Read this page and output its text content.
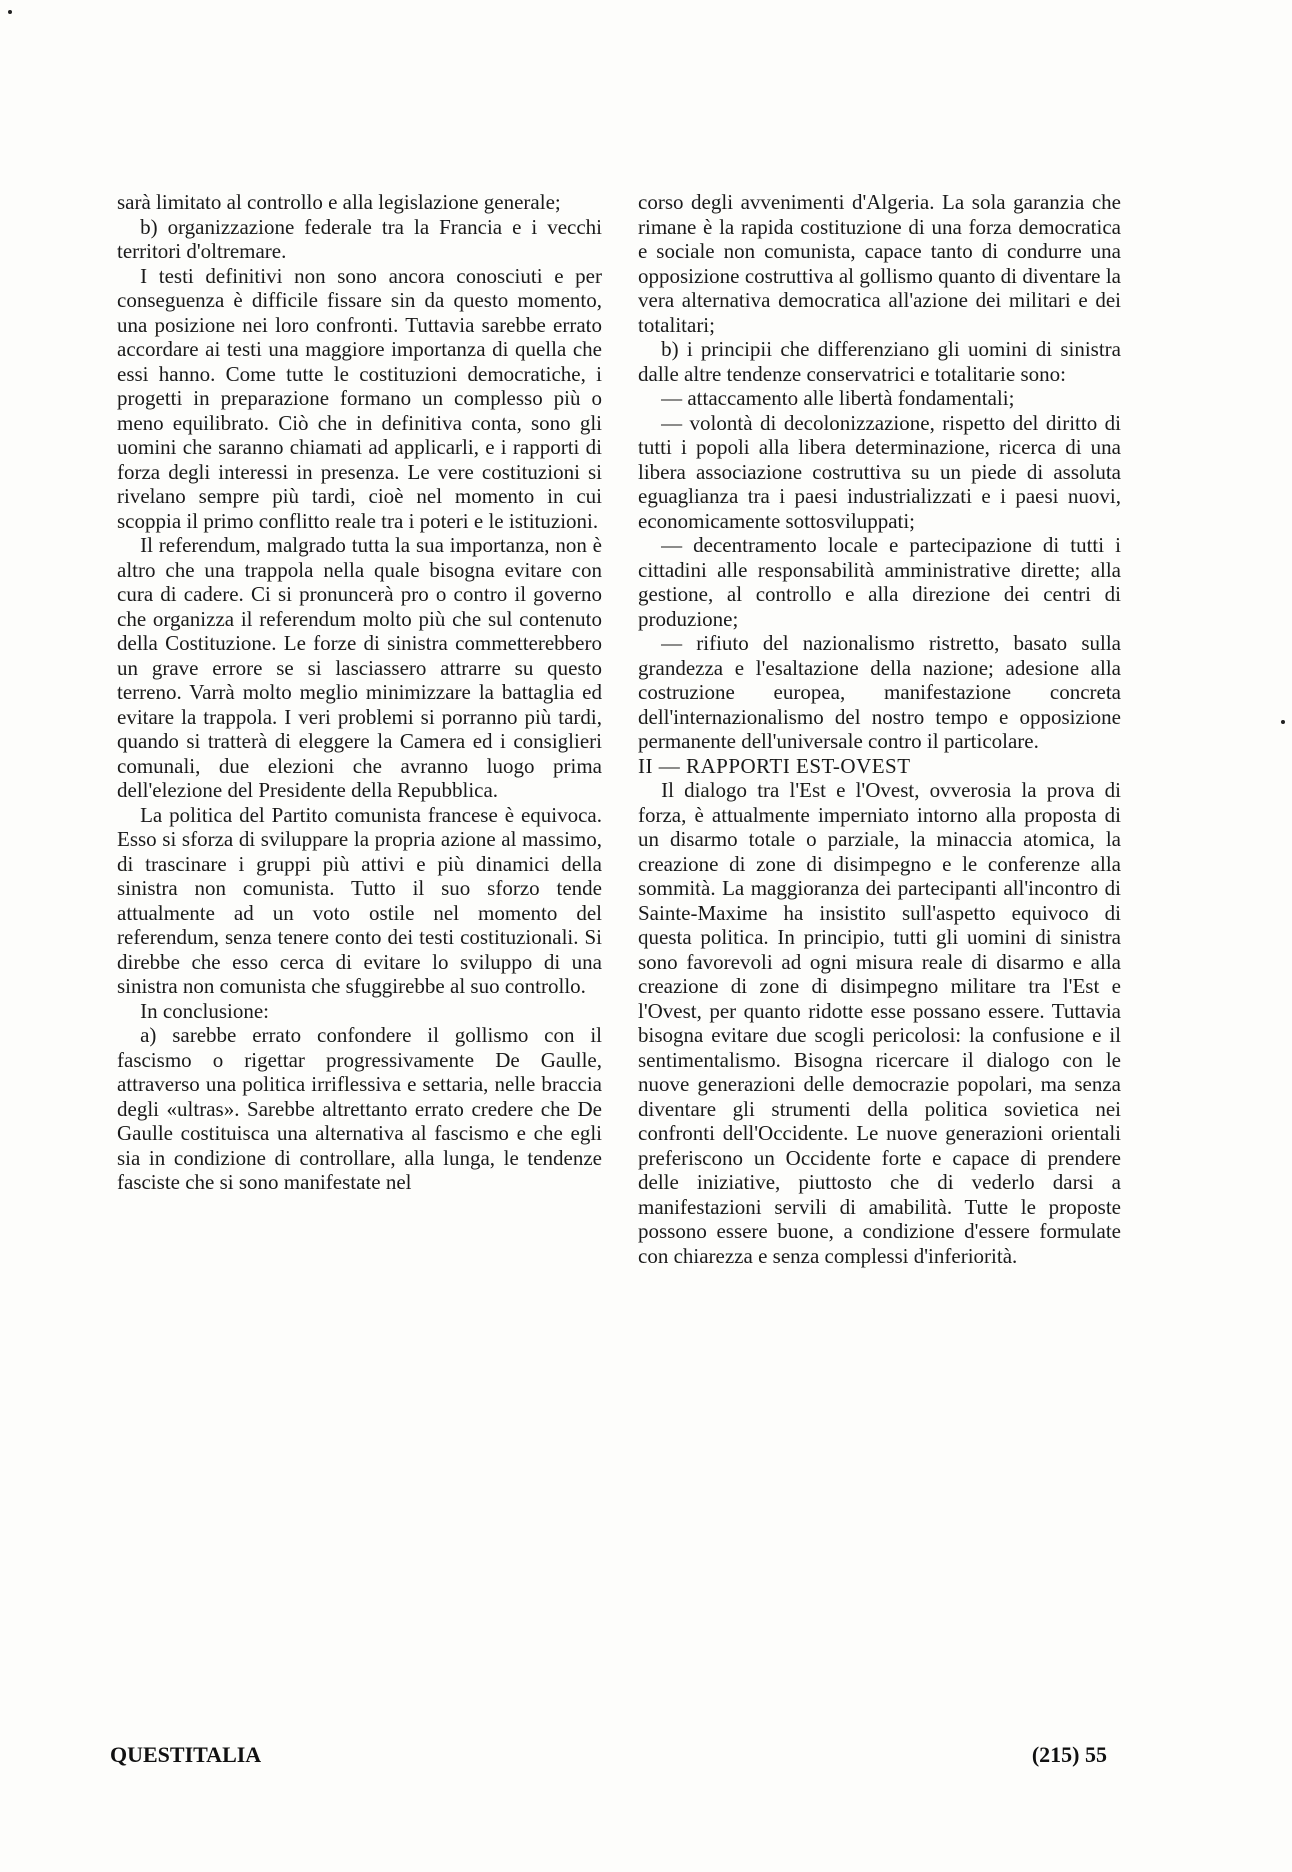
sarà limitato al controllo e alla legislazione generale;

b) organizzazione federale tra la Francia e i vecchi territori d'oltremare.

I testi definitivi non sono ancora conosciuti e per conseguenza è difficile fissare sin da questo momento, una posizione nei loro confronti. Tuttavia sarebbe errato accordare ai testi una maggiore importanza di quella che essi hanno. Come tutte le costituzioni democratiche, i progetti in preparazione formano un complesso più o meno equilibrato. Ciò che in definitiva conta, sono gli uomini che saranno chiamati ad applicarli, e i rapporti di forza degli interessi in presenza. Le vere costituzioni si rivelano sempre più tardi, cioè nel momento in cui scoppia il primo conflitto reale tra i poteri e le istituzioni.

Il referendum, malgrado tutta la sua importanza, non è altro che una trappola nella quale bisogna evitare con cura di cadere. Ci si pronuncerà pro o contro il governo che organizza il referendum molto più che sul contenuto della Costituzione. Le forze di sinistra commetterebbero un grave errore se si lasciassero attrarre su questo terreno. Varrà molto meglio minimizzare la battaglia ed evitare la trappola. I veri problemi si porranno più tardi, quando si tratterà di eleggere la Camera ed i consiglieri comunali, due elezioni che avranno luogo prima dell'elezione del Presidente della Repubblica.

La politica del Partito comunista francese è equivoca. Esso si sforza di sviluppare la propria azione al massimo, di trascinare i gruppi più attivi e più dinamici della sinistra non comunista. Tutto il suo sforzo tende attualmente ad un voto ostile nel momento del referendum, senza tenere conto dei testi costituzionali. Si direbbe che esso cerca di evitare lo sviluppo di una sinistra non comunista che sfuggirebbe al suo controllo.

In conclusione:

a) sarebbe errato confondere il gollismo con il fascismo o rigettar progressivamente De Gaulle, attraverso una politica irriflessiva e settaria, nelle braccia degli «ultras». Sarebbe altrettanto errato credere che De Gaulle costituisca una alternativa al fascismo e che egli sia in condizione di controllare, alla lunga, le tendenze fasciste che si sono manifestate nel

corso degli avvenimenti d'Algeria. La sola garanzia che rimane è la rapida costituzione di una forza democratica e sociale non comunista, capace tanto di condurre una opposizione costruttiva al gollismo quanto di diventare la vera alternativa democratica all'azione dei militari e dei totalitari;

b) i principii che differenziano gli uomini di sinistra dalle altre tendenze conservatrici e totalitarie sono:

— attaccamento alle libertà fondamentali;

— volontà di decolonizzazione, rispetto del diritto di tutti i popoli alla libera determinazione, ricerca di una libera associazione costruttiva su un piede di assoluta eguaglianza tra i paesi industrializzati e i paesi nuovi, economicamente sottosviluppati;

— decentramento locale e partecipazione di tutti i cittadini alle responsabilità amministrative dirette; alla gestione, al controllo e alla direzione dei centri di produzione;

— rifiuto del nazionalismo ristretto, basato sulla grandezza e l'esaltazione della nazione; adesione alla costruzione europea, manifestazione concreta dell'internazionalismo del nostro tempo e opposizione permanente dell'universale contro il particolare.

II — RAPPORTI EST-OVEST

Il dialogo tra l'Est e l'Ovest, ovverosia la prova di forza, è attualmente imperniato intorno alla proposta di un disarmo totale o parziale, la minaccia atomica, la creazione di zone di disimpegno e le conferenze alla sommità. La maggioranza dei partecipanti all'incontro di Sainte-Maxime ha insistito sull'aspetto equivoco di questa politica. In principio, tutti gli uomini di sinistra sono favorevoli ad ogni misura reale di disarmo e alla creazione di zone di disimpegno militare tra l'Est e l'Ovest, per quanto ridotte esse possano essere. Tuttavia bisogna evitare due scogli pericolosi: la confusione e il sentimentalismo. Bisogna ricercare il dialogo con le nuove generazioni delle democrazie popolari, ma senza diventare gli strumenti della politica sovietica nei confronti dell'Occidente. Le nuove generazioni orientali preferiscono un Occidente forte e capace di prendere delle iniziative, piuttosto che di vederlo darsi a manifestazioni servili di amabilità. Tutte le proposte possono essere buone, a condizione d'essere formulate con chiarezza e senza complessi d'inferiorità.

QUESTITALIA	(215) 55
